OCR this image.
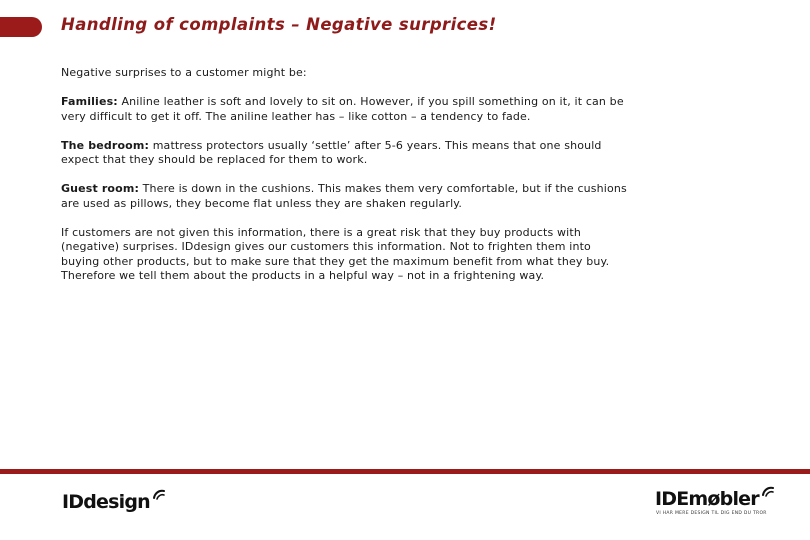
Handling of complaints – Negative surprices!

Negative surprises to a customer might be:

Families: Aniline leather is soft and lovely to sit on. However, if you spill something on it, it can be very difficult to get it off. The aniline leather has – like cotton – a tendency to fade.

The bedroom: mattress protectors usually ‘settle’ after 5-6 years. This means that one should expect that they should be replaced for them to work.

Guest room: There is down in the cushions. This makes them very comfortable, but if the cushions are used as pillows, they become flat unless they are shaken regularly.

If customers are not given this information, there is a great risk that they buy products with (negative) surprises. IDdesign gives our customers this information. Not to frighten them into buying other products, but to make sure that they get the maximum benefit from what they buy. Therefore we tell them about the products in a helpful way – not in a frightening way.

IDdesign	IDEmøbler
VI HAR MERE DESIGN TIL DIG END DU TROR
